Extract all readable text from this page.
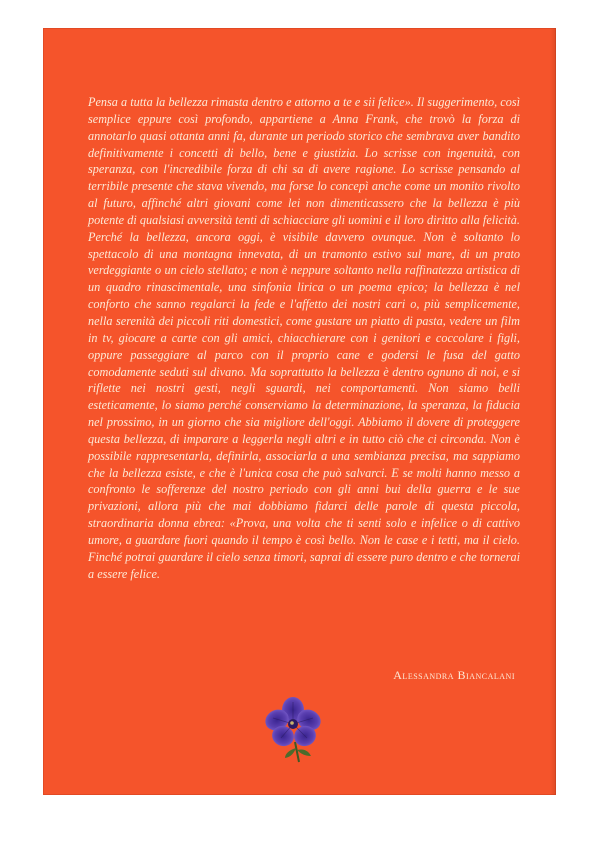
Pensa a tutta la bellezza rimasta dentro e attorno a te e sii felice». Il suggerimento, così semplice eppure così profondo, appartiene a Anna Frank, che trovò la forza di annotarlo quasi ottanta anni fa, durante un periodo storico che sembrava aver bandito definitivamente i concetti di bello, bene e giustizia. Lo scrisse con ingenuità, con speranza, con l'incredibile forza di chi sa di avere ragione. Lo scrisse pensando al terribile presente che stava vivendo, ma forse lo concepì anche come un monito rivolto al futuro, affinché altri giovani come lei non dimenticassero che la bellezza è più potente di qualsiasi avversità tenti di schiacciare gli uomini e il loro diritto alla felicità. Perché la bellezza, ancora oggi, è visibile davvero ovunque. Non è soltanto lo spettacolo di una montagna innevata, di un tramonto estivo sul mare, di un prato verdeggiante o un cielo stellato; e non è neppure soltanto nella raffinatezza artistica di un quadro rinascimentale, una sinfonia lirica o un poema epico; la bellezza è nel conforto che sanno regalarci la fede e l'affetto dei nostri cari o, più semplicemente, nella serenità dei piccoli riti domestici, come gustare un piatto di pasta, vedere un film in tv, giocare a carte con gli amici, chiacchierare con i genitori e coccolare i figli, oppure passeggiare al parco con il proprio cane e godersi le fusa del gatto comodamente seduti sul divano. Ma soprattutto la bellezza è dentro ognuno di noi, e si riflette nei nostri gesti, negli sguardi, nei comportamenti. Non siamo belli esteticamente, lo siamo perché conserviamo la determinazione, la speranza, la fiducia nel prossimo, in un giorno che sia migliore dell'oggi. Abbiamo il dovere di proteggere questa bellezza, di imparare a leggerla negli altri e in tutto ciò che ci circonda. Non è possibile rappresentarla, definirla, associarla a una sembianza precisa, ma sappiamo che la bellezza esiste, e che è l'unica cosa che può salvarci. E se molti hanno messo a confronto le sofferenze del nostro periodo con gli anni bui della guerra e le sue privazioni, allora più che mai dobbiamo fidarci delle parole di questa piccola, straordinaria donna ebrea: «Prova, una volta che ti senti solo e infelice o di cattivo umore, a guardare fuori quando il tempo è così bello. Non le case e i tetti, ma il cielo. Finché potrai guardare il cielo senza timori, saprai di essere puro dentro e che tornerai a essere felice.

Alessandra Biancalani
